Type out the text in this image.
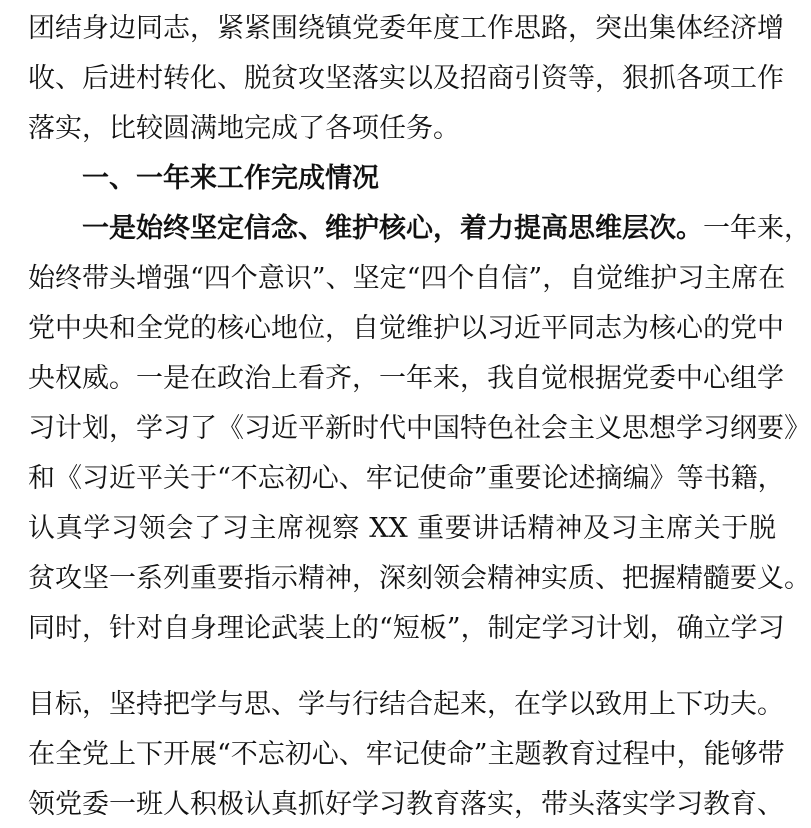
团结身边同志，紧紧围绕镇党委年度工作思路，突出集体经济增
收、后进村转化、脱贫攻坚落实以及招商引资等，狠抓各项工作
落实，比较圆满地完成了各项任务。
一、一年来工作完成情况
一是始终坚定信念、维护核心，着力提高思维层次。一年来，
始终带头增强“四个意识”、坚定“四个自信”，自觉维护习主席在
党中央和全党的核心地位，自觉维护以习近平同志为核心的党中
央权威。一是在政治上看齐，一年来，我自觉根据党委中心组学
习计划，学习了《习近平新时代中国特色社会主义思想学习纲要》
和《习近平关于“不忘初心、牢记使命”重要论述摘编》等书籍，
认真学习领会了习主席视察 XX 重要讲话精神及习主席关于脱
贫攻坚一系列重要指示精神，深刻领会精神实质、把握精髓要义。
同时，针对自身理论武装上的“短板”，制定学习计划，确立学习
目标，坚持把学与思、学与行结合起来，在学以致用上下功夫。
在全党上下开展“不忘初心、牢记使命”主题教育过程中，能够带
领党委一班人积极认真抓好学习教育落实，带头落实学习教育、
